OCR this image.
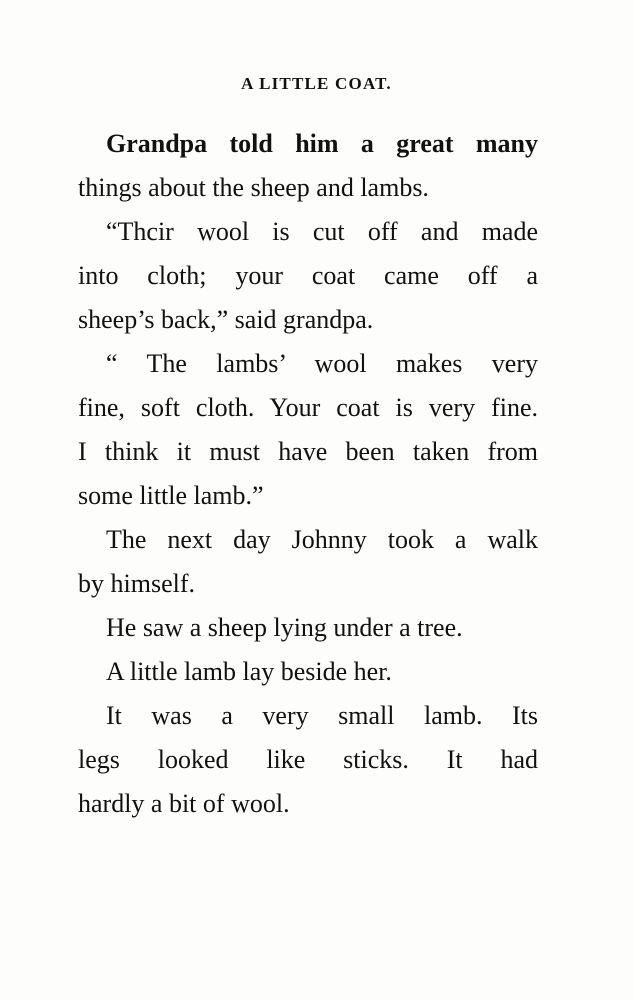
A LITTLE COAT.
Grandpa told him a great many
things about the sheep and lambs.
“Thcir wool is cut off and made
into cloth; your coat came off a
sheep’s back,” said grandpa.
“ The lambs’ wool makes very
fine, soft cloth. Your coat is very fine.
I think it must have been taken from
some little lamb.”
The next day Johnny took a walk
by himself.
He saw a sheep lying under a tree.
A little lamb lay beside her.
It was a very small lamb. Its
legs looked like sticks. It had
hardly a bit of wool.
